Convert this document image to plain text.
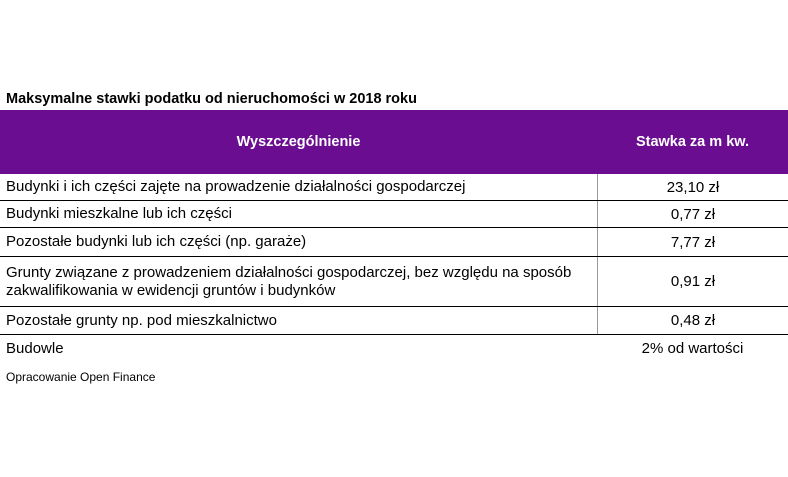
Maksymalne stawki podatku od nieruchomości w 2018 roku
Wyszczególnienie	Stawka za m kw.
Budynki i ich części zajęte na prowadzenie działalności gospodarczej	23,10 zł
Budynki mieszkalne lub ich części	0,77 zł
Pozostałe budynki lub ich części (np. garaże)	7,77 zł
Grunty związane z prowadzeniem działalności gospodarczej, bez względu na sposób zakwalifikowania w ewidencji gruntów i budynków	0,91 zł
Pozostałe grunty np. pod mieszkalnictwo	0,48 zł
Budowle	2% od wartości
Opracowanie Open Finance
